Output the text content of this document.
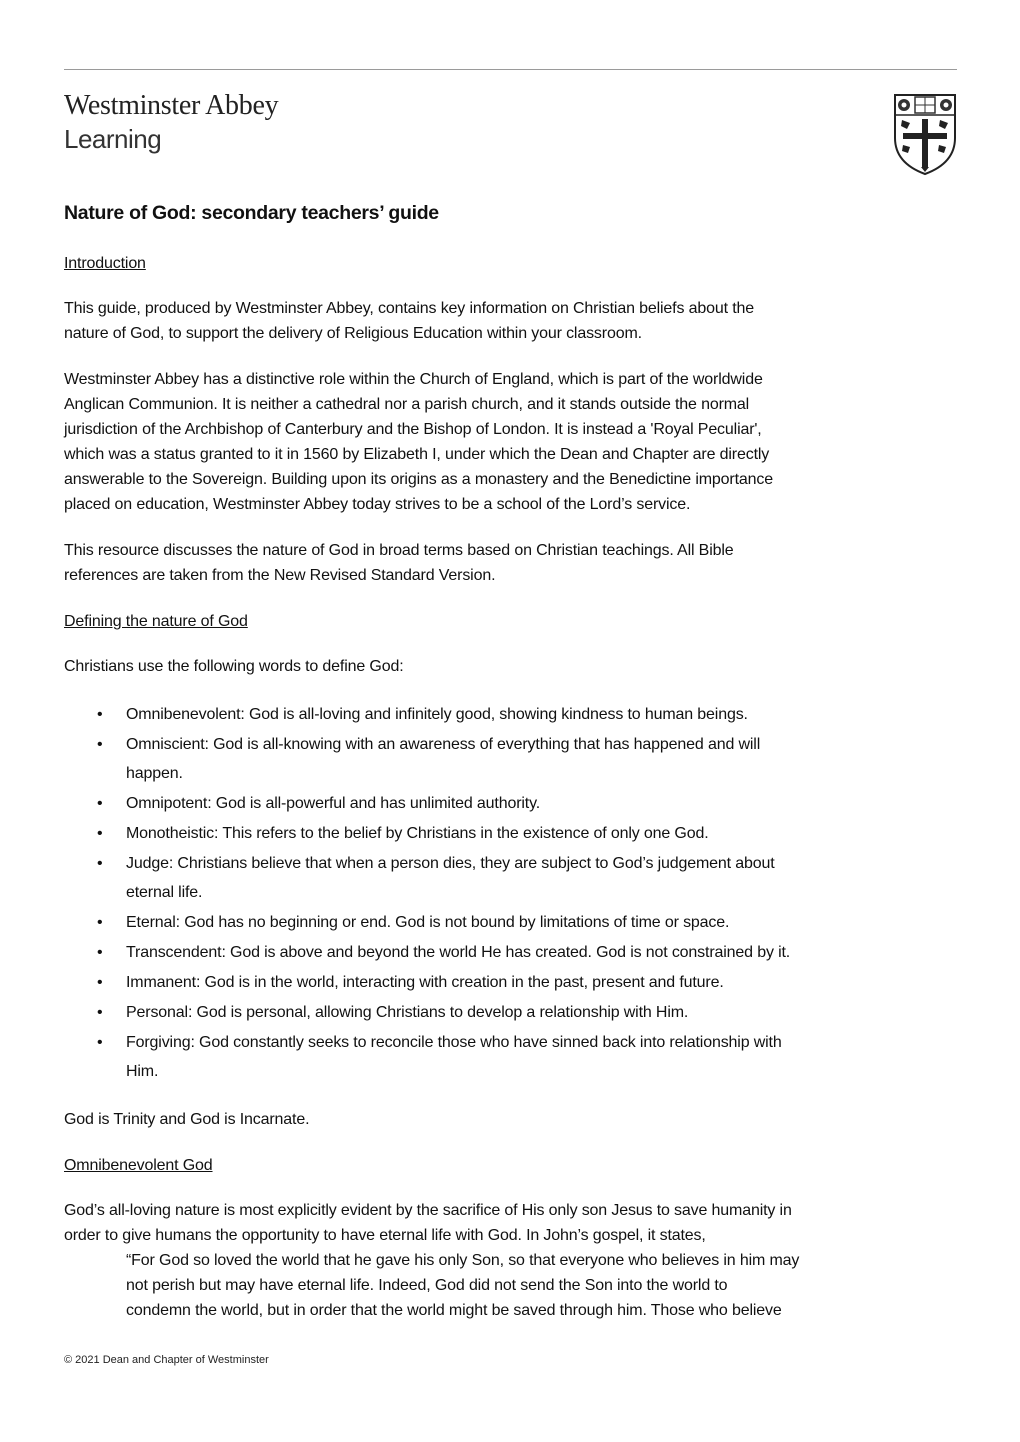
Westminster Abbey
Learning
Nature of God: secondary teachers’ guide
Introduction
This guide, produced by Westminster Abbey, contains key information on Christian beliefs about the
nature of God, to support the delivery of Religious Education within your classroom.
Westminster Abbey has a distinctive role within the Church of England, which is part of the worldwide
Anglican Communion. It is neither a cathedral nor a parish church, and it stands outside the normal
jurisdiction of the Archbishop of Canterbury and the Bishop of London. It is instead a 'Royal Peculiar',
which was a status granted to it in 1560 by Elizabeth I, under which the Dean and Chapter are directly
answerable to the Sovereign. Building upon its origins as a monastery and the Benedictine importance
placed on education, Westminster Abbey today strives to be a school of the Lord’s service.
This resource discusses the nature of God in broad terms based on Christian teachings. All Bible
references are taken from the New Revised Standard Version.
Defining the nature of God
Christians use the following words to define God:
• Omnibenevolent: God is all-loving and infinitely good, showing kindness to human beings.
• Omniscient: God is all-knowing with an awareness of everything that has happened and will
happen.
• Omnipotent: God is all-powerful and has unlimited authority.
• Monotheistic: This refers to the belief by Christians in the existence of only one God.
• Judge: Christians believe that when a person dies, they are subject to God’s judgement about
eternal life.
• Eternal: God has no beginning or end. God is not bound by limitations of time or space.
• Transcendent: God is above and beyond the world He has created. God is not constrained by it.
• Immanent: God is in the world, interacting with creation in the past, present and future.
• Personal: God is personal, allowing Christians to develop a relationship with Him.
• Forgiving: God constantly seeks to reconcile those who have sinned back into relationship with
Him.
God is Trinity and God is Incarnate.
Omnibenevolent God
God’s all-loving nature is most explicitly evident by the sacrifice of His only son Jesus to save humanity in
order to give humans the opportunity to have eternal life with God. In John’s gospel, it states,
“For God so loved the world that he gave his only Son, so that everyone who believes in him may
not perish but may have eternal life. Indeed, God did not send the Son into the world to
condemn the world, but in order that the world might be saved through him. Those who believe
© 2021 Dean and Chapter of Westminster
